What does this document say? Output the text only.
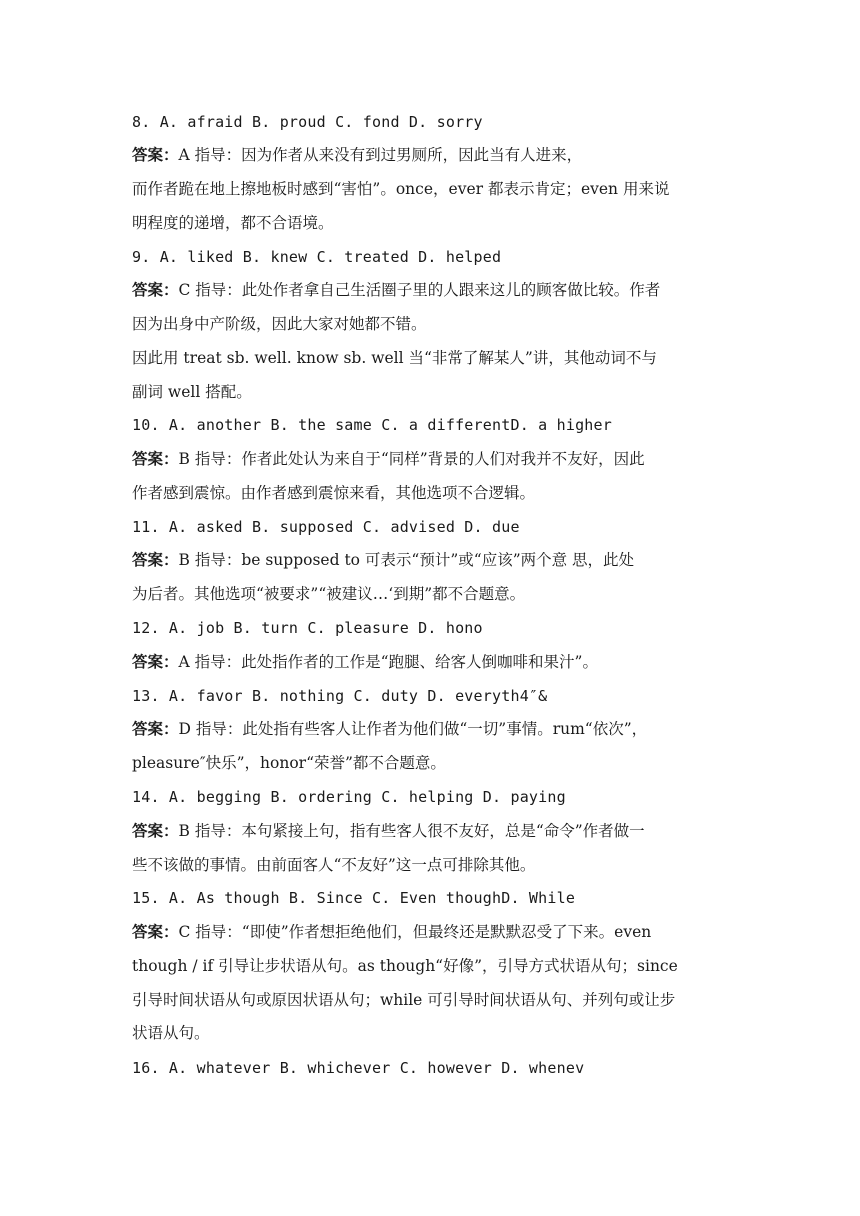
8. A. afraid B. proud C. fond D. sorry
答案：A 指导：因为作者从来没有到过男厕所，因此当有人进来，
而作者跪在地上擦地板时感到“害怕”。once，ever 都表示肯定；even 用来说
明程度的递增，都不合语境。
9. A. liked B. knew C. treated D. helped
答案：C 指导：此处作者拿自己生活圈子里的人跟来这儿的顾客做比较。作者
因为出身中产阶级，因此大家对她都不错。
因此用 treat sb. well. know sb. well 当“非常了解某人”讲，其他动词不与
副词 well 搭配。
10. A. another B. the same C. a differentD. a higher
答案：B 指导：作者此处认为来自于“同样”背景的人们对我并不友好，因此
作者感到震惊。由作者感到震惊来看，其他选项不合逻辑。
11. A. asked B. supposed C. advised D. due
答案：B 指导：be supposed to 可表示“预计”或“应该”两个意 思，此处
为后者。其他选项“被要求”“被建议…‘到期”都不合题意。
12. A. job B. turn C. pleasure D. hono
答案：A 指导：此处指作者的工作是“跑腿、给客人倒咖啡和果汁”。
13. A. favor B. nothing C. duty D. everyth4″&
答案：D 指导：此处指有些客人让作者为他们做“一切”事情。rum“依次”，
pleasure″快乐”，honor“荣誉”都不合题意。
14. A. begging B. ordering C. helping D. paying
答案：B 指导：本句紧接上句，指有些客人很不友好，总是“命令”作者做一
些不该做的事情。由前面客人“不友好”这一点可排除其他。
15. A. As though B. Since C. Even thoughD. While
答案：C 指导：“即使”作者想拒绝他们，但最终还是默默忍受了下来。even
though / if 引导让步状语从句。as though“好像”，引导方式状语从句；since
引导时间状语从句或原因状语从句；while 可引导时间状语从句、并列句或让步
状语从句。
16. A. whatever B. whichever C. however D. whenev
